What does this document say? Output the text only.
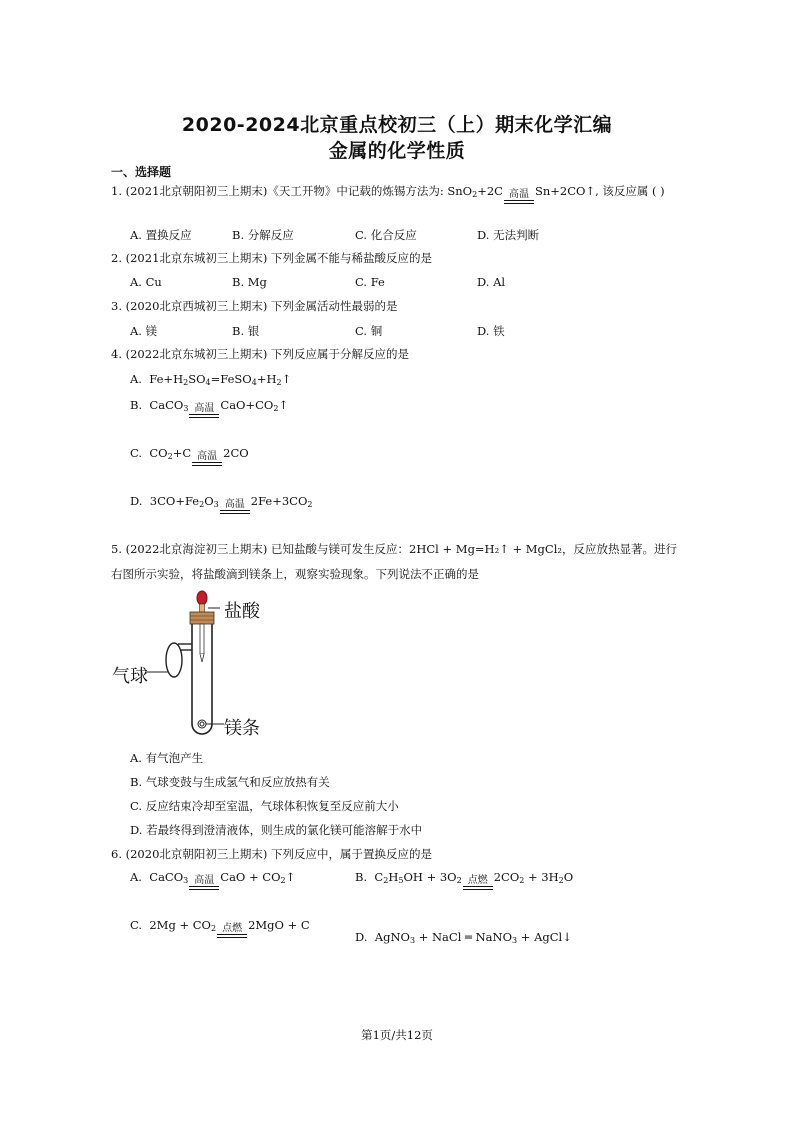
2020-2024北京重点校初三（上）期末化学汇编
金属的化学性质
一、选择题
1. (2021北京朝阳初三上期末)《天工开物》中记载的炼锡方法为: SnO$_2$+2C 高温 Sn+2CO↑, 该反应属 ( )
A. 置换反应	B. 分解反应	C. 化合反应	D. 无法判断
2. (2021北京东城初三上期末) 下列金属不能与稀盐酸反应的是
A. Cu	B. Mg	C. Fe	D. Al
3. (2020北京西城初三上期末) 下列金属活动性最弱的是
A. 镁	B. 银	C. 铜	D. 铁
4. (2022北京东城初三上期末) 下列反应属于分解反应的是
A. $Fe+H_2SO_4=FeSO_4+H_2↑$
B. CaCO$_3$ 高温 $CaO+CO_2↑$
C. $CO_2+C$ 高温 2CO
D. $3CO+Fe_2O_3$ 高温 $2Fe+3CO_2$
5. (2022北京海淀初三上期末) 已知盐酸与镁可发生反应：2HCl + Mg=H₂↑ + MgCl₂，反应放热显著。进行
右图所示实验，将盐酸滴到镁条上，观察实验现象。下列说法不正确的是
盐酸
气球
镁条
A. 有气泡产生
B. 气球变鼓与生成氢气和反应放热有关
C. 反应结束冷却至室温，气球体积恢复至反应前大小
D. 若最终得到澄清液体，则生成的氯化镁可能溶解于水中
6. (2020北京朝阳初三上期末) 下列反应中，属于置换反应的是
A. CaCO$_3$ 高温 CaO + $CO_2↑$	B. $C_2H_5OH + 3O_2$ 点燃 $2CO_2 + 3H_2O$
C. $2Mg + CO_2$ 点燃 2MgO + C
D. AgNO$_3$ + NaCl ═ NaNO$_3$ + AgCl↓
第1页/共12页
